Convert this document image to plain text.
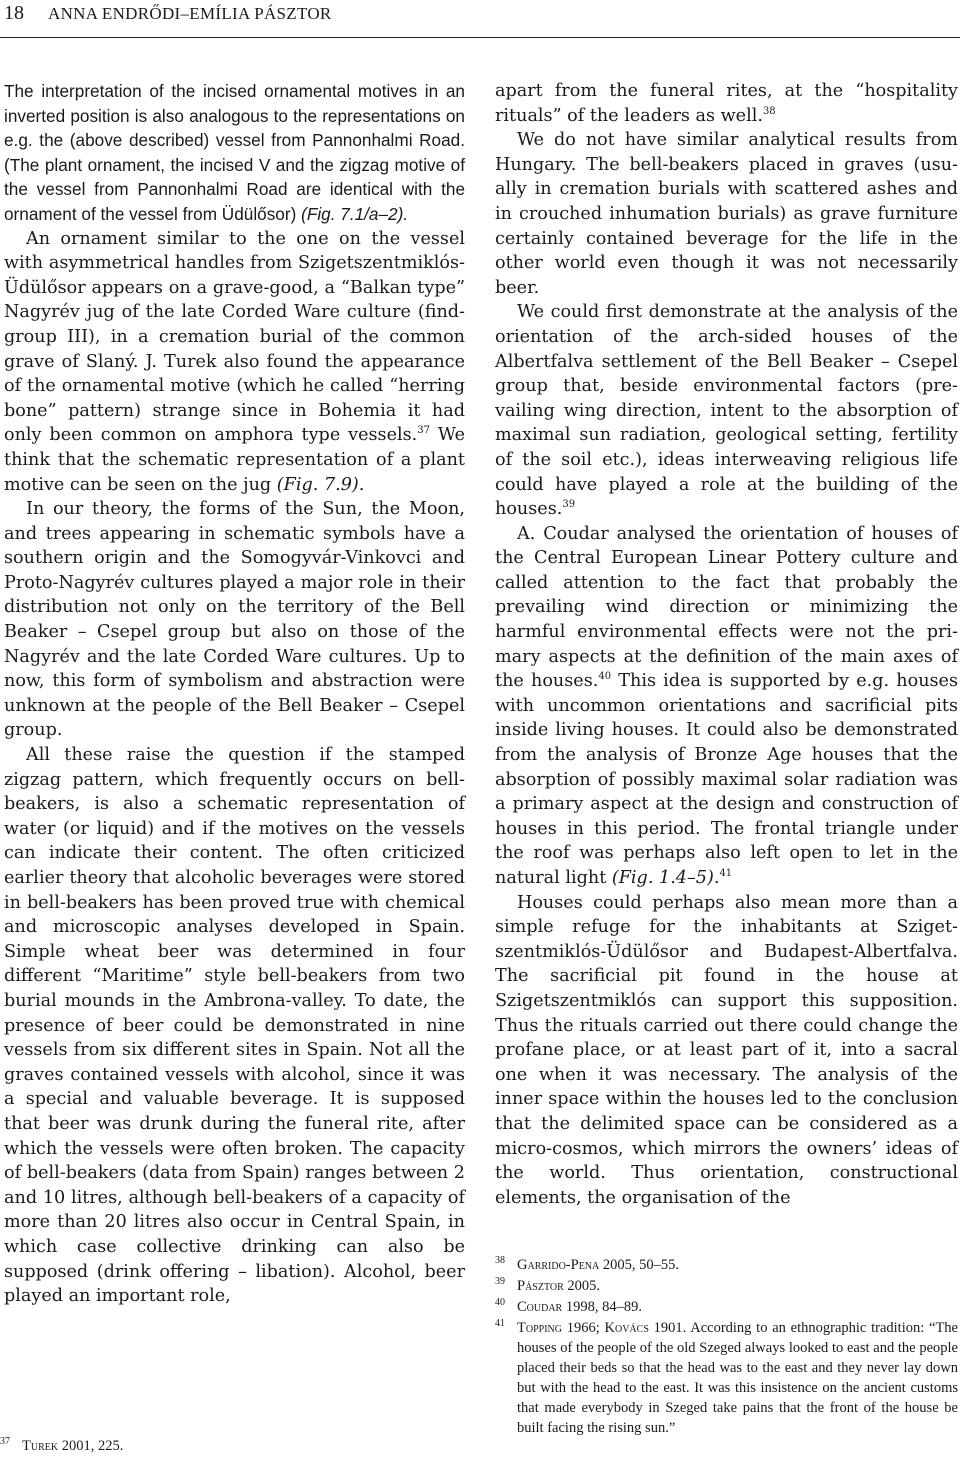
18 ANNA ENDRŐDI–EMÍLIA PÁSZTOR

The interpretation of the incised ornamental motives in an inverted position is also analogous to the representations on e.g. the (above described) vessel from Pannonhalmi Road. (The plant ornament, the incised V and the zigzag motive of the vessel from Pannonhalmi Road are identical with the ornament of the vessel from Üdülősor) (Fig. 7.1/a–2).

An ornament similar to the one on the vessel with asymmetrical handles from Szigetszentmiklós-Üdülősor appears on a grave-good, a “Balkan type” Nagyrév jug of the late Corded Ware culture (find-group III), in a cremation burial of the common grave of Slaný. J. Turek also found the appearance of the ornamental motive (which he called “herring bone” pattern) strange since in Bohemia it had only been common on amphora type vessels.$^{37}$ We think that the schematic representation of a plant motive can be seen on the jug (Fig. 7.9).

In our theory, the forms of the Sun, the Moon, and trees appearing in schematic symbols have a southern origin and the Somogyvár-Vinkovci and Proto-Nagyrév cultures played a major role in their distribution not only on the territory of the Bell Beaker – Csepel group but also on those of the Nagyrév and the late Corded Ware cultures. Up to now, this form of symbolism and abstraction were unknown at the people of the Bell Beaker – Csepel group.

All these raise the question if the stamped zigzag pattern, which frequently occurs on bell-beakers, is also a schematic representation of water (or liquid) and if the motives on the vessels can indicate their content. The often criticized earlier theory that alcoholic beverages were stored in bell-beakers has been proved true with chemical and microscopic analyses developed in Spain. Simple wheat beer was determined in four different “Maritime” style bell-beakers from two burial mounds in the Ambrona-valley. To date, the presence of beer could be demonstrated in nine vessels from six different sites in Spain. Not all the graves contained vessels with alcohol, since it was a special and valuable beverage. It is supposed that beer was drunk during the funeral rite, after which the vessels were often broken. The capacity of bell-beakers (data from Spain) ranges between 2 and 10 litres, although bell-beakers of a capacity of more than 20 litres also occur in Central Spain, in which case collective drinking can also be supposed (drink offering – libation). Alcohol, beer played an important role,

apart from the funeral rites, at the “hospitality rituals” of the leaders as well.$^{38}$

We do not have similar analytical results from Hungary. The bell-beakers placed in graves (usually in cremation burials with scattered ashes and in crouched inhumation burials) as grave furniture certainly contained beverage for the life in the other world even though it was not necessarily beer.

We could first demonstrate at the analysis of the orientation of the arch-sided houses of the Albertfalva settlement of the Bell Beaker – Csepel group that, beside environmental factors (prevailing wing direction, intent to the absorption of maximal sun radiation, geological setting, fertility of the soil etc.), ideas interweaving religious life could have played a role at the building of the houses.$^{39}$

A. Coudar analysed the orientation of houses of the Central European Linear Pottery culture and called attention to the fact that probably the prevailing wind direction or minimizing the harmful environmental effects were not the primary aspects at the definition of the main axes of the houses.$^{40}$ This idea is supported by e.g. houses with uncommon orientations and sacrificial pits inside living houses. It could also be demonstrated from the analysis of Bronze Age houses that the absorption of possibly maximal solar radiation was a primary aspect at the design and construction of houses in this period. The frontal triangle under the roof was perhaps also left open to let in the natural light (Fig. 1.4–5).$^{41}$

Houses could perhaps also mean more than a simple refuge for the inhabitants at Szigetszentmiklós-Üdülősor and Budapest-Albertfalva. The sacrificial pit found in the house at Szigetszentmiklós can support this supposition. Thus the rituals carried out there could change the profane place, or at least part of it, into a sacral one when it was necessary. The analysis of the inner space within the houses led to the conclusion that the delimited space can be considered as a micro-cosmos, which mirrors the owners’ ideas of the world. Thus orientation, constructional elements, the organisation of the

37 Turek 2001, 225.
38 Garrido-Pena 2005, 50–55.
39 Pásztor 2005.
40 Coudar 1998, 84–89.
41 Topping 1966; Kovács 1901. According to an ethnographic tradition: “The houses of the people of the old Szeged always looked to east and the people placed their beds so that the head was to the east and they never lay down but with the head to the east. It was this insistence on the ancient customs that made everybody in Szeged take pains that the front of the house be built facing the rising sun.”
